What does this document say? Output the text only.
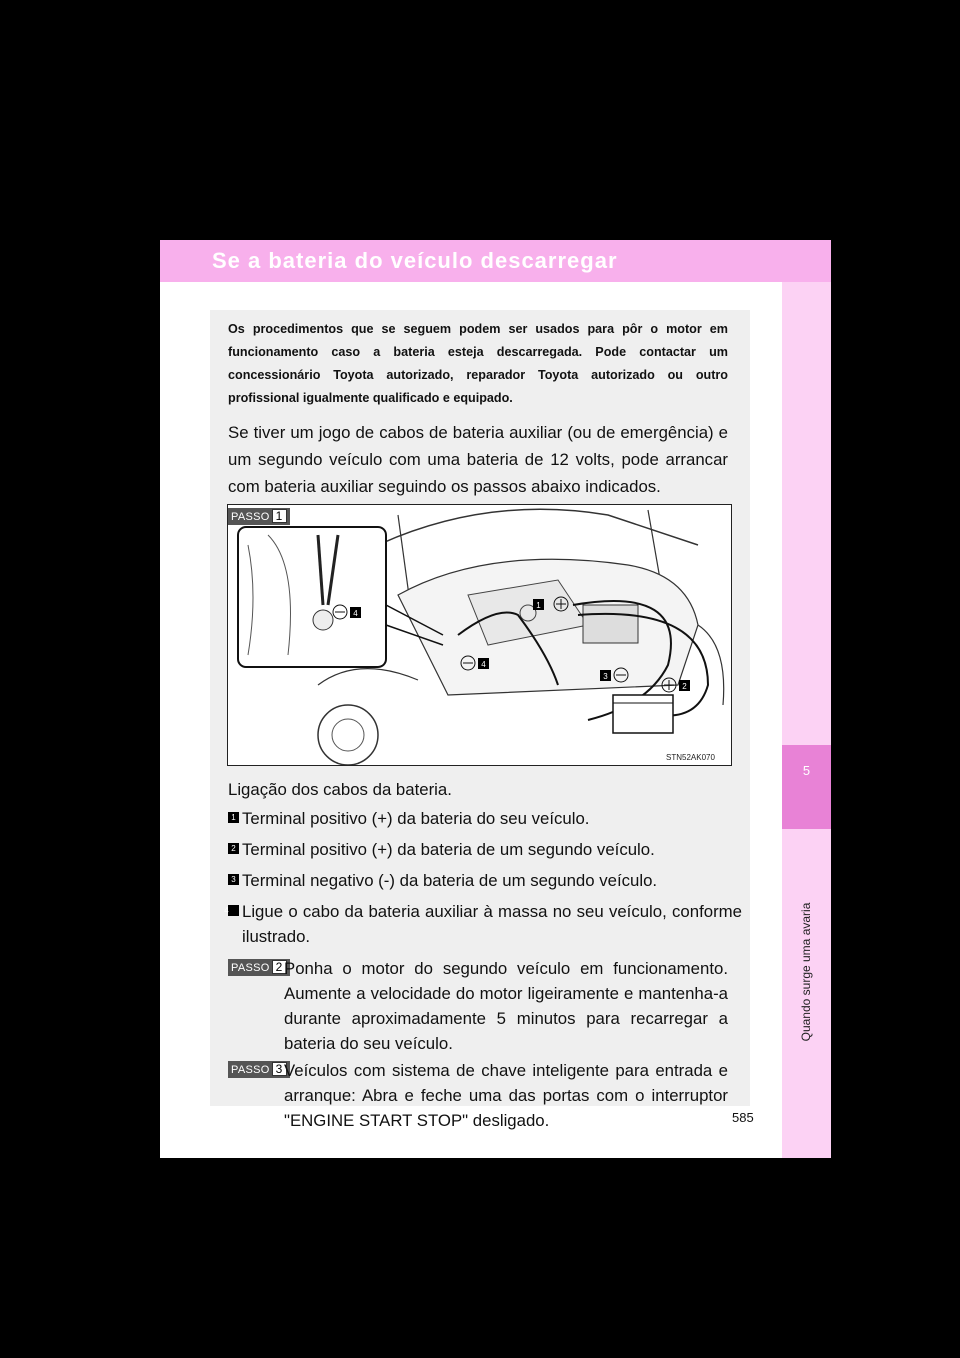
Se a bateria do veículo descarregar
5
Quando surge uma avaria
Os procedimentos que se seguem podem ser usados para pôr o motor em funcionamento caso a bateria esteja descarregada. Pode contactar um concessionário Toyota autorizado, reparador Toyota autorizado ou outro profissional igualmente qualificado e equipado.
Se tiver um jogo de cabos de bateria auxiliar (ou de emergência) e um segundo veículo com uma bateria de 12 volts, pode arrancar com bateria auxiliar seguindo os passos abaixo indicados.
1
2
3
4
4
PASSO 1
STN52AK070
Ligação dos cabos da bateria.
1 Terminal positivo (+) da bateria do seu veículo.
2 Terminal positivo (+) da bateria de um segundo veículo.
3 Terminal negativo (-) da bateria de um segundo veículo.
4 Ligue o cabo da bateria auxiliar à massa no seu veículo, conforme ilustrado.
PASSO 2 Ponha o motor do segundo veículo em funcionamento. Aumente a velocidade do motor ligeiramente e mantenha-a durante aproximadamente 5 minutos para recarregar a bateria do seu veículo.
PASSO 3 Veículos com sistema de chave inteligente para entrada e arranque: Abra e feche uma das portas com o interruptor "ENGINE START STOP" desligado.	585
